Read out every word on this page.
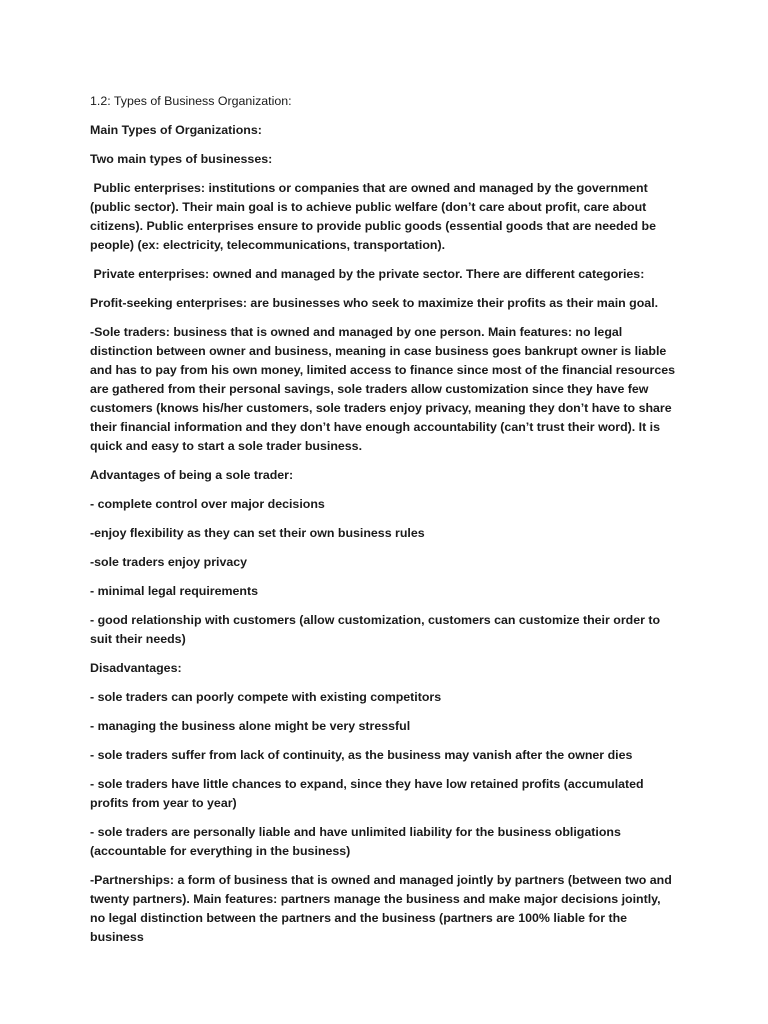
1.2: Types of Business Organization:

Main Types of Organizations:

Two main types of businesses:

Public enterprises: institutions or companies that are owned and managed by the government (public sector). Their main goal is to achieve public welfare (don’t care about profit, care about citizens). Public enterprises ensure to provide public goods (essential goods that are needed be people) (ex: electricity, telecommunications, transportation).

Private enterprises: owned and managed by the private sector. There are different categories:

Profit-seeking enterprises: are businesses who seek to maximize their profits as their main goal.

-Sole traders: business that is owned and managed by one person. Main features: no legal distinction between owner and business, meaning in case business goes bankrupt owner is liable and has to pay from his own money, limited access to finance since most of the financial resources are gathered from their personal savings, sole traders allow customization since they have few customers (knows his/her customers, sole traders enjoy privacy, meaning they don’t have to share their financial information and they don’t have enough accountability (can’t trust their word). It is quick and easy to start a sole trader business.

Advantages of being a sole trader:

- complete control over major decisions

-enjoy flexibility as they can set their own business rules

-sole traders enjoy privacy

- minimal legal requirements

- good relationship with customers (allow customization, customers can customize their order to suit their needs)

Disadvantages:

- sole traders can poorly compete with existing competitors

- managing the business alone might be very stressful

- sole traders suffer from lack of continuity, as the business may vanish after the owner dies

- sole traders have little chances to expand, since they have low retained profits (accumulated profits from year to year)

- sole traders are personally liable and have unlimited liability for the business obligations (accountable for everything in the business)

-Partnerships: a form of business that is owned and managed jointly by partners (between two and twenty partners). Main features: partners manage the business and make major decisions jointly, no legal distinction between the partners and the business (partners are 100% liable for the business
